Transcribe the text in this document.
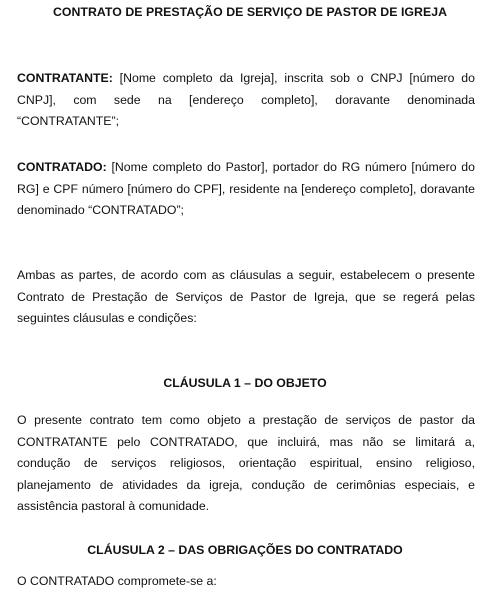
CONTRATO DE PRESTAÇÃO DE SERVIÇO DE PASTOR DE IGREJA

CONTRATANTE: [Nome completo da Igreja], inscrita sob o CNPJ [número do CNPJ], com sede na [endereço completo], doravante denominada “CONTRATANTE”;

CONTRATADO: [Nome completo do Pastor], portador do RG número [número do RG] e CPF número [número do CPF], residente na [endereço completo], doravante denominado “CONTRATADO”;

Ambas as partes, de acordo com as cláusulas a seguir, estabelecem o presente Contrato de Prestação de Serviços de Pastor de Igreja, que se regerá pelas seguintes cláusulas e condições:

CLÁUSULA 1 – DO OBJETO

O presente contrato tem como objeto a prestação de serviços de pastor da CONTRATANTE pelo CONTRATADO, que incluirá, mas não se limitará a, condução de serviços religiosos, orientação espiritual, ensino religioso, planejamento de atividades da igreja, condução de cerimônias especiais, e assistência pastoral à comunidade.

CLÁUSULA 2 – DAS OBRIGAÇÕES DO CONTRATADO

O CONTRATADO compromete-se a:
